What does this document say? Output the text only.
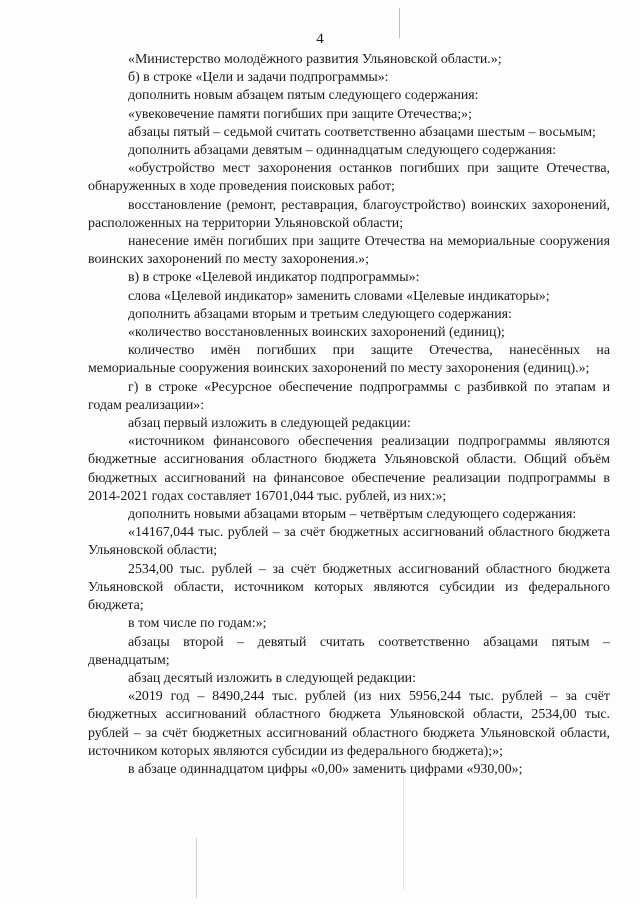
4

«Министерство молодёжного развития Ульяновской области.»;

б) в строке «Цели и задачи подпрограммы»:

дополнить новым абзацем пятым следующего содержания:

«увековечение памяти погибших при защите Отечества;»;

абзацы пятый – седьмой считать соответственно абзацами шестым – восьмым;

дополнить абзацами девятым – одиннадцатым следующего содержания:

«обустройство мест захоронения останков погибших при защите Отечества, обнаруженных в ходе проведения поисковых работ;

восстановление (ремонт, реставрация, благоустройство) воинских захоронений, расположенных на территории Ульяновской области;

нанесение имён погибших при защите Отечества на мемориальные сооружения воинских захоронений по месту захоронения.»;

в) в строке «Целевой индикатор подпрограммы»:

слова «Целевой индикатор» заменить словами «Целевые индикаторы»;

дополнить абзацами вторым и третьим следующего содержания:

«количество восстановленных воинских захоронений (единиц);

количество имён погибших при защите Отечества, нанесённых на мемориальные сооружения воинских захоронений по месту захоронения (единиц).»;

г) в строке «Ресурсное обеспечение подпрограммы с разбивкой по этапам и годам реализации»:

абзац первый изложить в следующей редакции:

«источником финансового обеспечения реализации подпрограммы являются бюджетные ассигнования областного бюджета Ульяновской области. Общий объём бюджетных ассигнований на финансовое обеспечение реализации подпрограммы в 2014-2021 годах составляет 16701,044 тыс. рублей, из них:»;

дополнить новыми абзацами вторым – четвёртым следующего содержания:

«14167,044 тыс. рублей – за счёт бюджетных ассигнований областного бюджета Ульяновской области;

2534,00 тыс. рублей – за счёт бюджетных ассигнований областного бюджета Ульяновской области, источником которых являются субсидии из федерального бюджета;

в том числе по годам:»;

абзацы второй – девятый считать соответственно абзацами пятым – двенадцатым;

абзац десятый изложить в следующей редакции:

«2019 год – 8490,244 тыс. рублей (из них 5956,244 тыс. рублей – за счёт бюджетных ассигнований областного бюджета Ульяновской области, 2534,00 тыс. рублей – за счёт бюджетных ассигнований областного бюджета Ульяновской области, источником которых являются субсидии из федерального бюджета);»;

в абзаце одиннадцатом цифры «0,00» заменить цифрами «930,00»;
